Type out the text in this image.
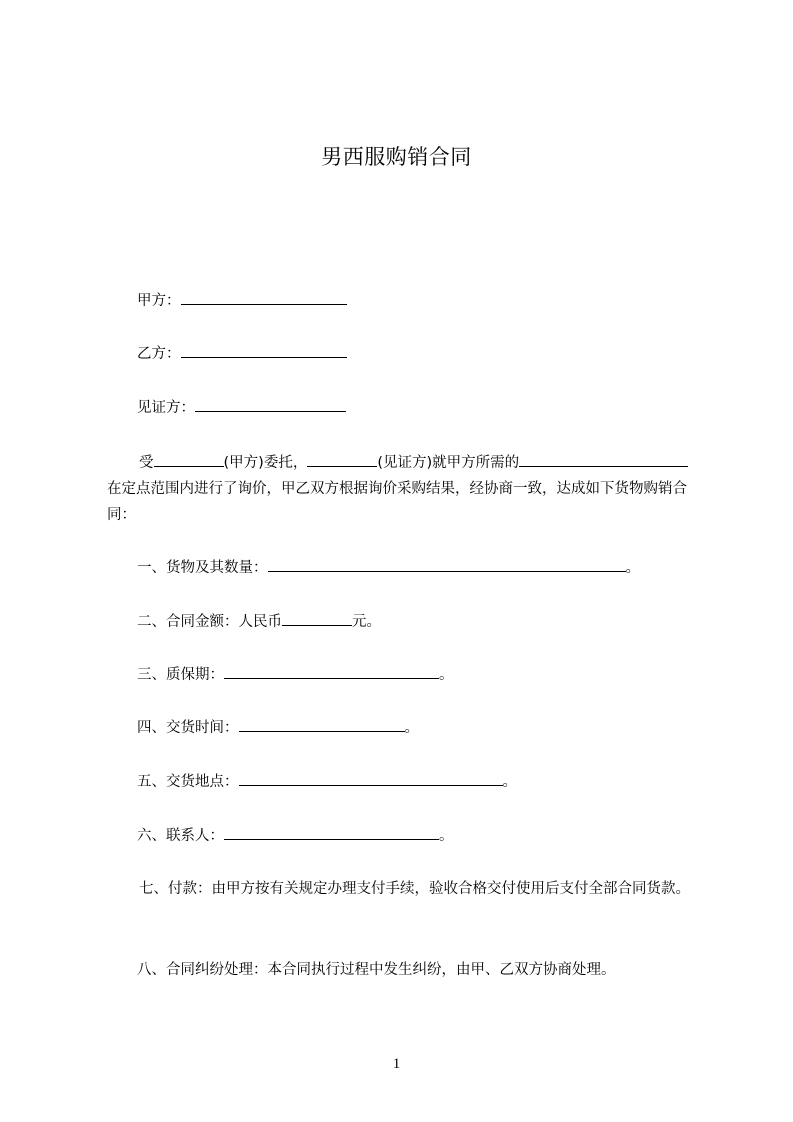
男西服购销合同
甲方：
乙方：
见证方：
受	(甲方)委托，	(见证方)就甲方所需的在定点范围内进行了询价，甲乙双方根据询价采购结果，经协商一致，达成如下货物购销合同：
一、货物及其数量：	。
二、合同金额：人民币	元。
三、质保期：	。
四、交货时间：	。
五、交货地点：	。
六、联系人：	。
七、付款：由甲方按有关规定办理支付手续，验收合格交付使用后支付全部合同货款。
八、合同纠纷处理：本合同执行过程中发生纠纷，由甲、乙双方协商处理。
1
